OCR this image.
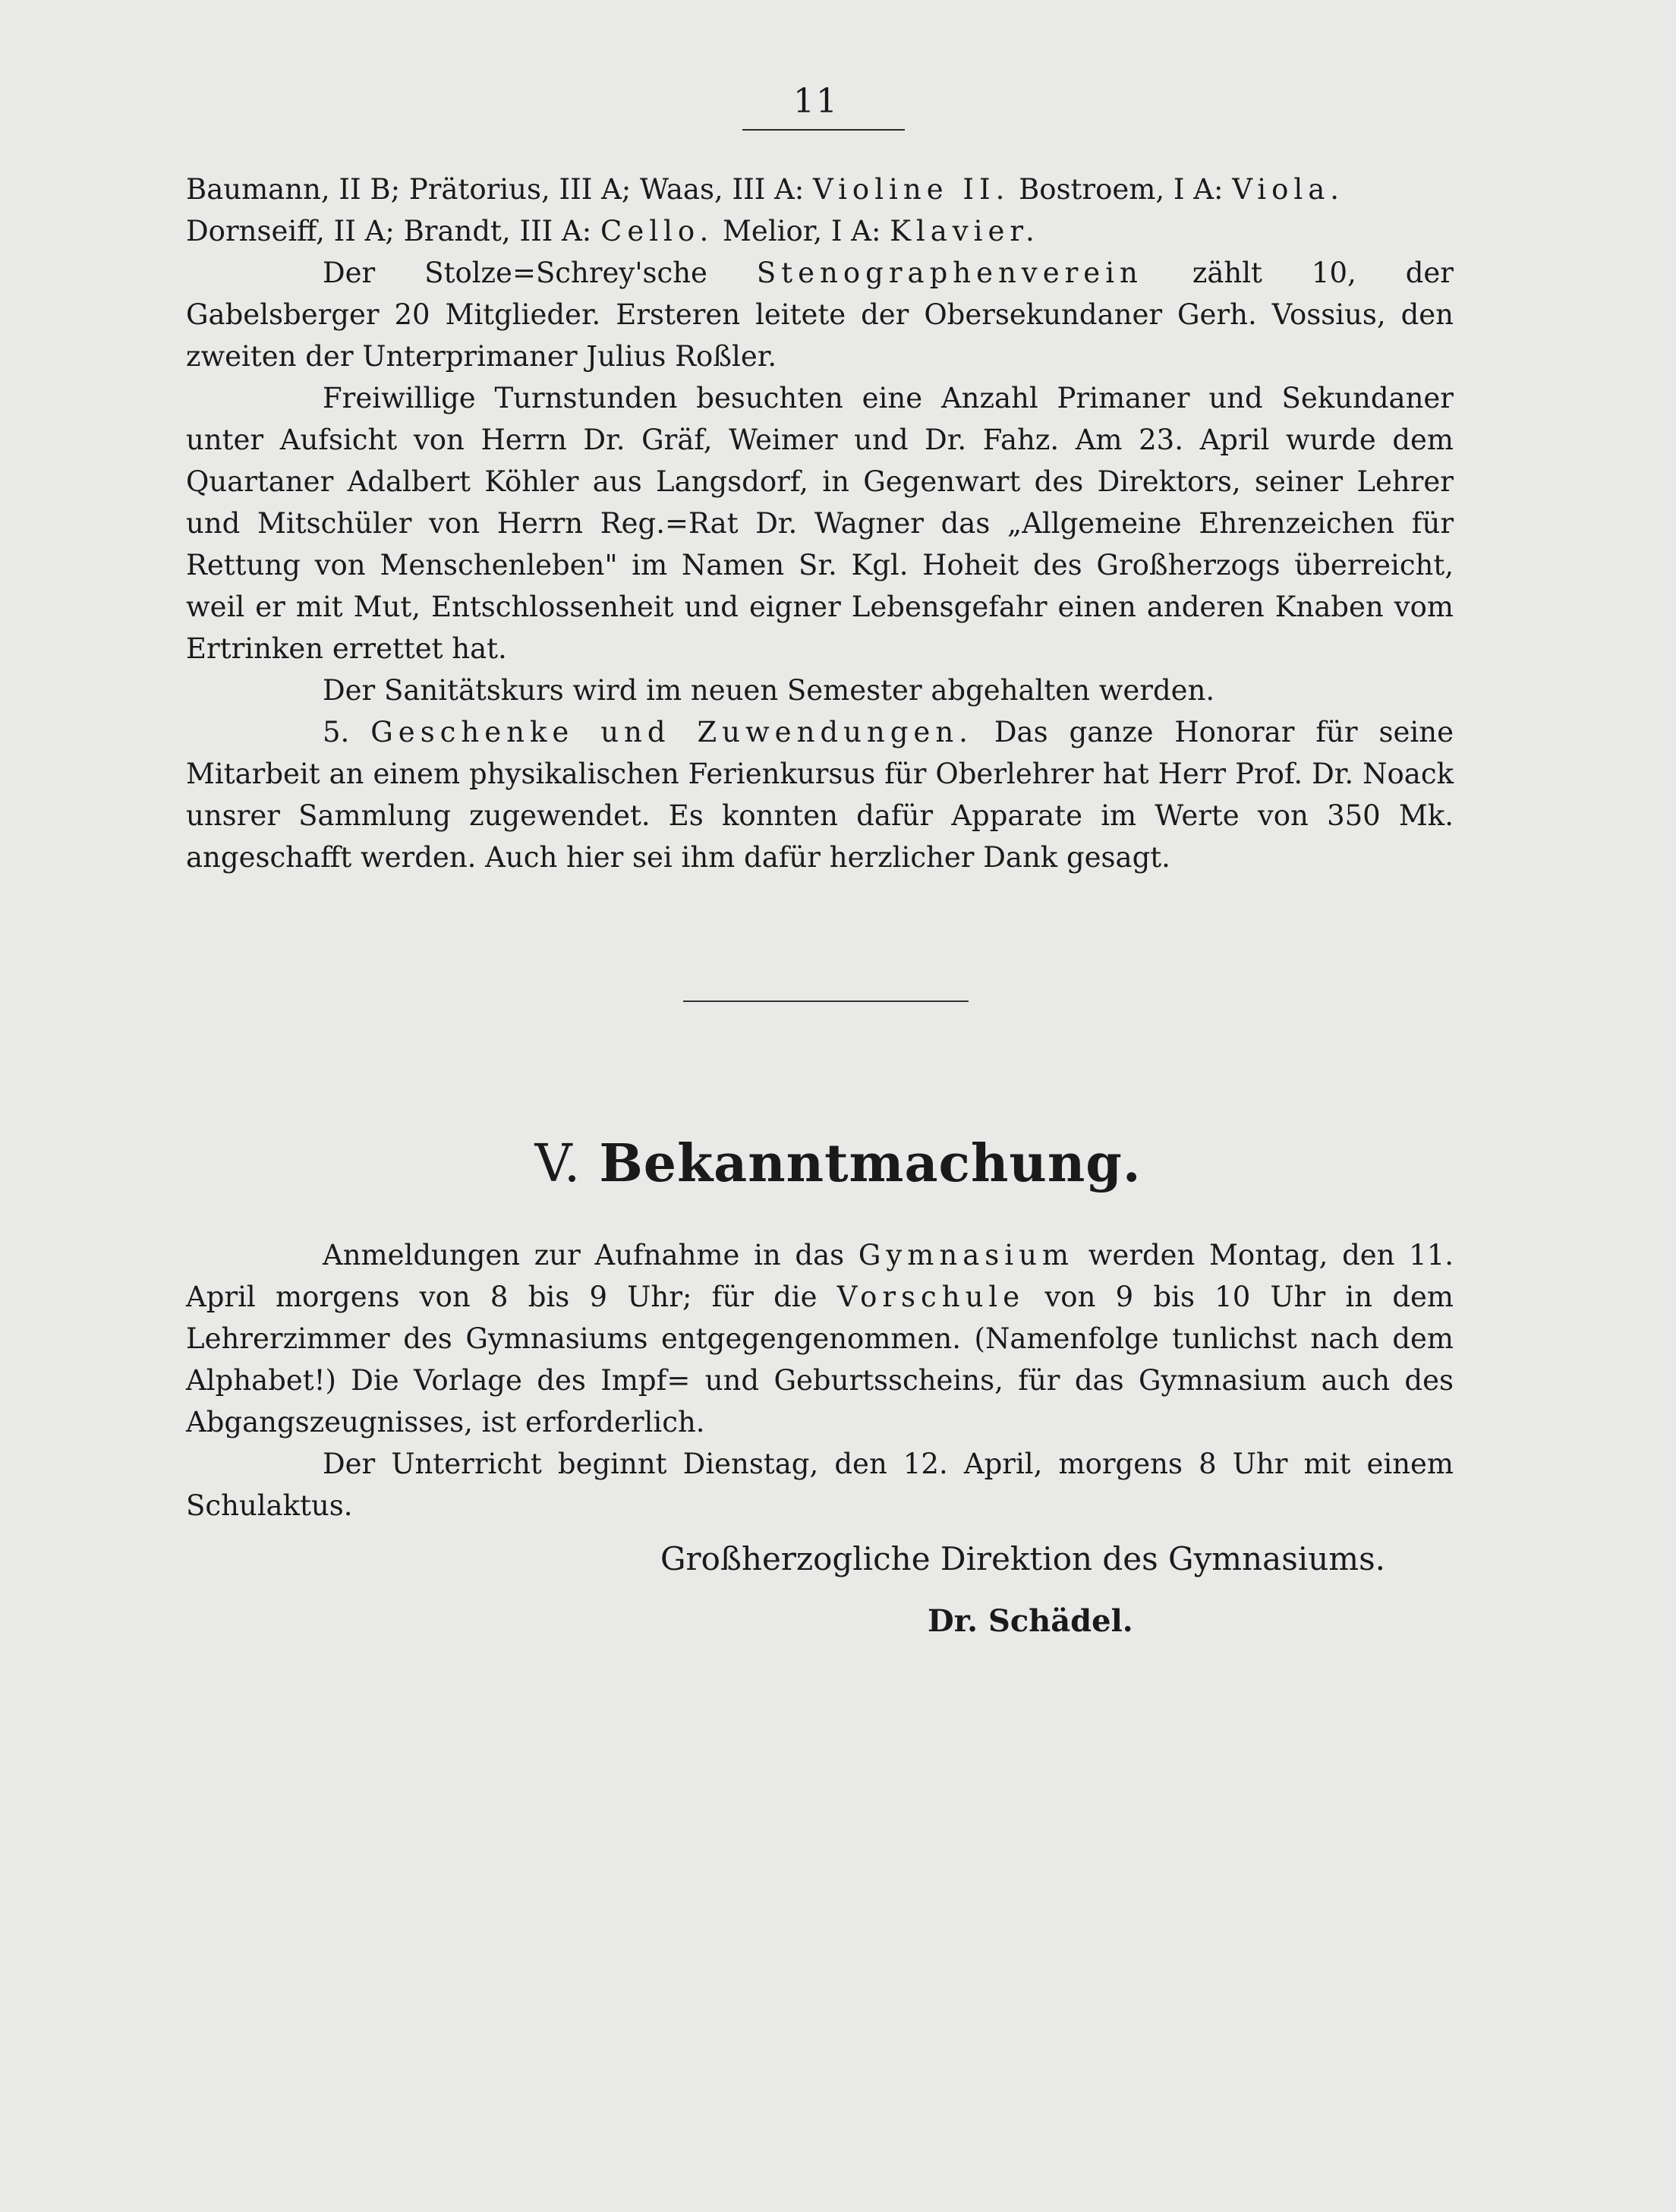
11

Baumann, II B; Prätorius, III A; Waas, III A: Violine II. Bostroem, I A: Viola.
Dornseiff, II A; Brandt, III A: Cello. Melior, I A: Klavier.

Der Stolze=Schrey'sche Stenographenverein zählt 10, der Gabelsberger 20 Mitglieder. Ersteren leitete der Obersekundaner Gerh. Vossius, den zweiten der Unterprimaner Julius Roßler.

Freiwillige Turnstunden besuchten eine Anzahl Primaner und Sekundaner unter Aufsicht von Herrn Dr. Gräf, Weimer und Dr. Fahz. Am 23. April wurde dem Quartaner Adalbert Köhler aus Langsdorf, in Gegenwart des Direktors, seiner Lehrer und Mitschüler von Herrn Reg.=Rat Dr. Wagner das „Allgemeine Ehrenzeichen für Rettung von Menschenleben" im Namen Sr. Kgl. Hoheit des Großherzogs überreicht, weil er mit Mut, Entschlossenheit und eigner Lebensgefahr einen anderen Knaben vom Ertrinken errettet hat.

Der Sanitätskurs wird im neuen Semester abgehalten werden.

5. Geschenke und Zuwendungen. Das ganze Honorar für seine Mitarbeit an einem physikalischen Ferienkursus für Oberlehrer hat Herr Prof. Dr. Noack unsrer Sammlung zugewendet. Es konnten dafür Apparate im Werte von 350 Mk. angeschafft werden. Auch hier sei ihm dafür herzlicher Dank gesagt.

V. Bekanntmachung.

Anmeldungen zur Aufnahme in das Gymnasium werden Montag, den 11. April morgens von 8 bis 9 Uhr; für die Vorschule von 9 bis 10 Uhr in dem Lehrerzimmer des Gymnasiums entgegengenommen. (Namenfolge tunlichst nach dem Alphabet!) Die Vorlage des Impf= und Geburtsscheins, für das Gymnasium auch des Abgangszeugnisses, ist erforderlich.

Der Unterricht beginnt Dienstag, den 12. April, morgens 8 Uhr mit einem Schulaktus.

Großherzogliche Direktion des Gymnasiums.
Dr. Schädel.
